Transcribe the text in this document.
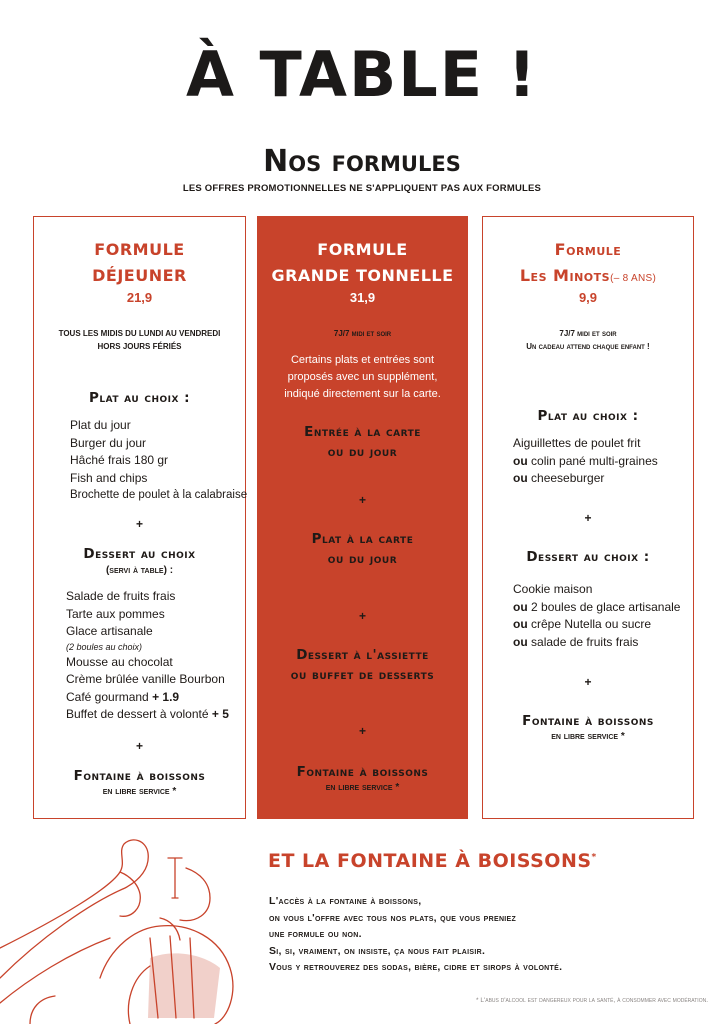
À TABLE !
Nos formules
LES OFFRES PROMOTIONNELLES NE S'APPLIQUENT PAS AUX FORMULES
FORMULE
DÉJEUNER
21,9
TOUS LES MIDIS DU LUNDI AU VENDREDI
HORS JOURS FÉRIÉS
Plat au choix :
Plat du jour
Burger du jour
Hâché frais 180 gr
Fish and chips
Brochette de poulet à la calabraise
+
Dessert au choix
(servi à table) :
Salade de fruits frais
Tarte aux pommes
Glace artisanale
(2 boules au choix)
Mousse au chocolat
Crème brûlée vanille Bourbon
Café gourmand + 1.9
Buffet de dessert à volonté + 5
+
Fontaine à boissons
en libre service *
FORMULE
GRANDE TONNELLE
31,9
7J/7 midi et soir
Certains plats et entrées sont
proposés avec un supplément,
indiqué directement sur la carte.
Entrée à la carte
ou du jour
+
Plat à la carte
ou du jour
+
Dessert à l'assiette
ou buffet de desserts
+
Fontaine à boissons
en libre service *
Formule
Les Minots(– 8 ANS)
9,9
7J/7 midi et soir
Un cadeau attend chaque enfant !
Plat au choix :
Aiguillettes de poulet frit
ou colin pané multi-graines
ou cheeseburger
+
Dessert au choix :
Cookie maison
ou 2 boules de glace artisanale
ou crêpe Nutella ou sucre
ou salade de fruits frais
+
Fontaine à boissons
en libre service *
ET LA FONTAINE À BOISSONS*
L'accès à la fontaine à boissons,
on vous l'offre avec tous nos plats, que vous preniez
une formule ou non.
Si, si, vraiment, on insiste, ça nous fait plaisir.
Vous y retrouverez des sodas, bière, cidre et sirops à volonté.
* L'abus d'alcool est dangereux pour la santé, à consommer avec modération.
